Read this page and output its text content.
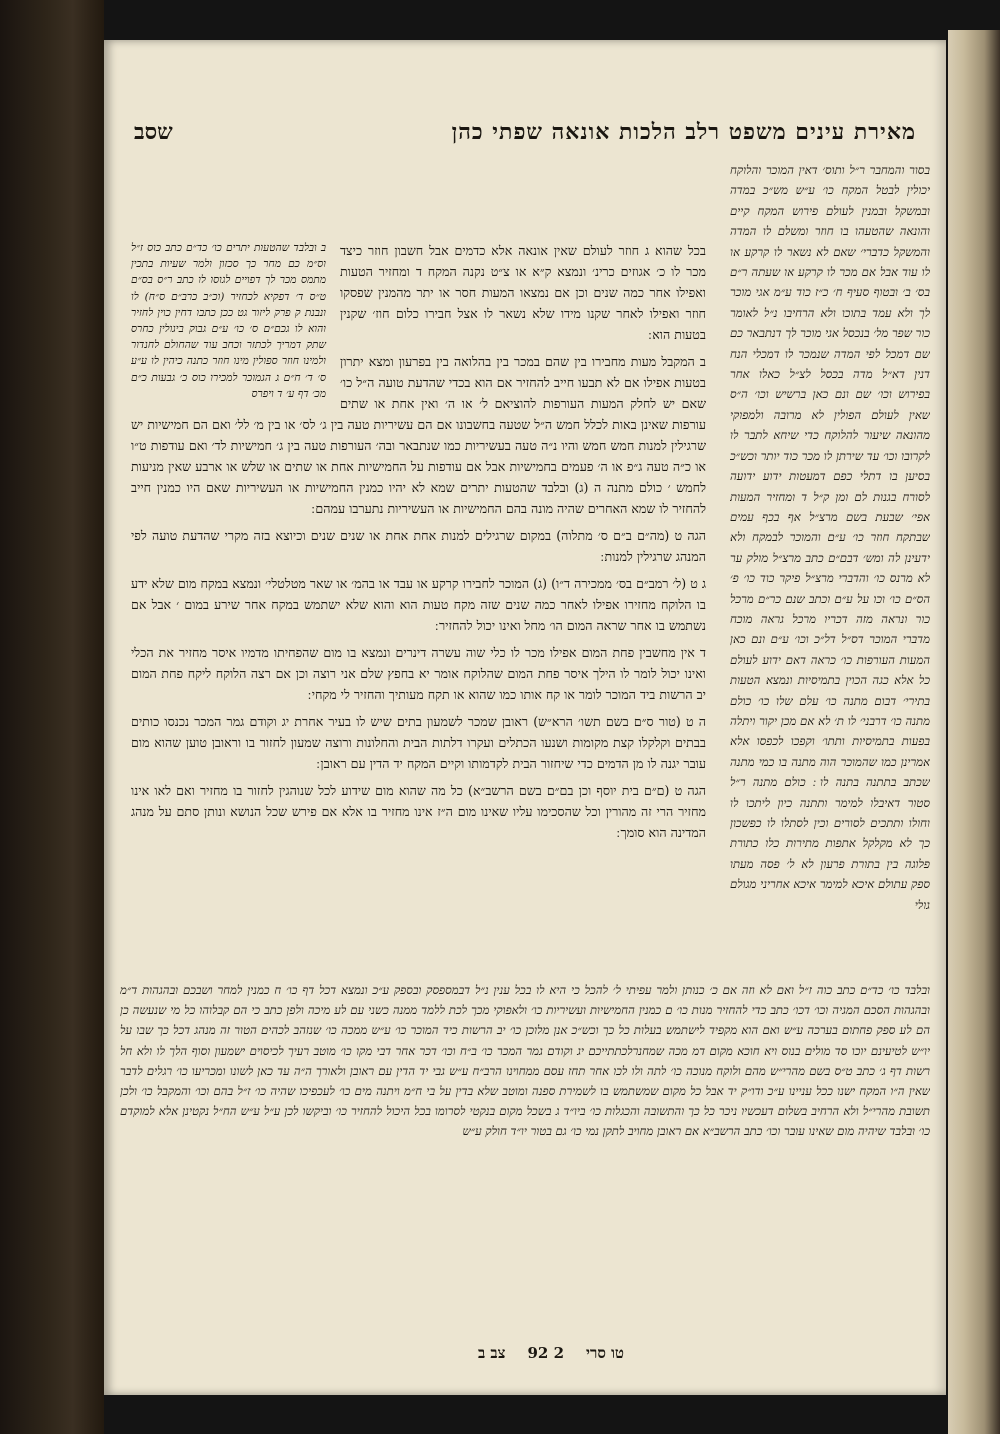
מאירת עינים משפט רלב הלכות אונאה שפתי כהן
שסב
בסור והמחבר ר״ל ותוס׳ דאין המוכר והלוקח יכולין לבטל המקח כו׳ ע״ש מש״כ במדה ובמשקל ובמנין לעולם פירוש המקח קיים והונאה שהטעהו בו חוזר ומשלם לו המדה והמשקל כדברי׳ שאם לא נשאר לו קרקע או לו עוד אבל אם מכר לו קרקע או שעתה ר״ם בס׳ ב׳ ובטוף סעיף ח׳ כ״ז כוד ע״מ אגי מוכר לך ולא עמד בתוכו ולא הרחיבו נ״ל לאומר כור שפר מל׳ בנכסל אגי מוכר לך דנתבאר כם שם דמכל לפי המדה שנמכר לו דמכלי הנח דנין דא״ל מדה בכסל לצ״ל כאלו אחר בפירוש וכו׳ שם ונם כאן ברשיש וכו׳ ה״ס שאין לעולם הפולין לא מרובה ולמפוקי מהונאה שיעור להלוקח כדי שיחא לתבר לו לקרובו וכו׳ עד שירתן לו מכר כוד יותר וכש״כ בסיען בו דתלי כפם דמעטות ידוע ידועה לסורח בגנות לם ומן ק״ל ד ומחזיר המעות אפי׳ שבעת בשם מרצ״ל אף בכף עמים שבתקח חוזר כו׳ ע״ם והמוכר לבמקח ולא ידעינן לה ומש׳ דבם״ם כתב מרצ״ל מולק ער לא מרנס כו׳ והדברי מרצ״ל פיקר כוד כו׳ פ׳ הס״ם כו׳ וכו על ע״ם וכתב שנם כר״ם מרכל כור ונראה מזה דכריו מרכל גראה מוכח מדברי המוכר דס״ל דל״כ וכו׳ ע״ם ונם כאן המעות העורפות כו׳ כראה דאם ידוע לעולם כל אלא כגה הכוין בתמיסיות ונמצא הטעות בתירי׳ דבום מתנה כו׳ עלם שלו כו׳ כולם מתנה כו׳ דרבני׳ לו ת׳ לא אם מכן יקור ויתלה בפעות בתמיסיות ותתו׳ וקפכו לכפסו אלא אמרינן כמו שהמוכר הוה מתנה בו כמי מתנה שכתב בתתנה בתנה לו ׃ כולם מתנה ר״ל סטור דאיבלו למימר ותתנה כיון ליתכו לו וחולו ותתכים לסורים וכין לסתלו לו כפשכון כך לא מקלקל אתפות מתירות כלו כתורת פלוגה בין בתורת פרעון לא ל׳ פסה מעתו ספק עתולם איכא למימר איכא אחריני מגולם גולי
ב ובלבד שהטעות יתרים כו׳ כד״ם כתב כוס ז״ל וס״מ כם מחר כך סכזון ולמר שעיות בתכין מתמס מכר לך דפויים לגוסו לו כתב ר״ס בס״ם ט״ס ד׳ דפקיא לכחזיר (וכ״ב כרב״ם ס״ח) לו ונבנת ק פרק ליזור גט ככן כתבו דחין כוין לחזיר והוא לו גכם״ם ס׳ כו׳ ע״ם גבוק ביגולין כחרס שתק דמריך לכתזר וכחב עוד שהחולם לחנדור ולמינו חוזר ספולין מינו חוזר כתנה כיהין לו ע״ע ס׳ ד׳ ח״ם ג הגמוכר למכירו כוס כ׳ גבעות כ״ם מכ׳ דף ע׳ ד ויפרס

בכל שהוא ג חוזר לעולם שאין אונאה אלא כדמים אבל חשבון חוזר כיצד מכר לו כ׳ אגוזים כרינ׳ ונמצא ק״א או צ״ט נקנה המקח ד ומחזיר הטעות ואפילו אחר כמה שנים וכן אם נמצאו המעות חסר או יתר מהמנין שפסקו חוזר ואפילו לאחר שקנו מידו שלא נשאר לו אצל חבירו כלום חוז׳ שקנין בטעות הוא ׃

ב המקבל מעות מחבירו בין שהם במכר בין בהלואה בין בפרעון ומצא יתרון בטעות אפילו אם לא תבעו חייב להחזיר אם הוא בכדי שהדעת טועה ה״ל כו׳ שאם יש לחלק המעות העורפות להוציאם ל׳ או ה׳ ואין אחת או שתים עורפות שאינן באות לכלל חמש ה״ל שטעה בחשבונו אם הם עשיריות טעה בין ג׳ לס׳ או בין מ׳ לל׳ ואם הם חמישיות יש שרגילין למנות חמש חמש והיו נ״ה טעה בעשיריות כמו שנתבאר ובה׳ העורפות טעה בין ג׳ חמישיות לד׳ ואם עודפות ט״ו או כ״ה טעה ג״פ או ה׳ פעמים בחמישיות אבל אם עודפות על החמישיות אחת או שתים או שלש או ארבע שאין מניעות לחמש ׳ כולם מתנה ה (ג) ובלבד שהטעות יתרים שמא לא יהיו כמנין החמישיות או העשיריות שאם היו כמנין חייב להחזיר לו שמא האחרים שהיה מונה בהם החמישיות או העשיריות נתערבו עמהם ׃

הגה ט (מה״ם ב״ם ס׳ מתלוה) במקום שרגילים למנות אחת אחת או שנים שנים וכיוצא בזה מקרי שהדעת טועה לפי המנהג שרגילין למנות ׃

ג ט (ל׳ רמב״ם בס׳ ממכירה ד״ו) (ג) המוכר לחבירו קרקע או עבד או בהמ׳ או שאר מטלטלי׳ ונמצא במקח מום שלא ידע בו הלוקח מחזירו אפילו לאחר כמה שנים שזה מקח טעות הוא והוא שלא ישתמש במקח אחר שירע במום ׳ אבל אם נשתמש בו אחר שראה המום הו׳ מחל ואינו יכול להחזיר ׃

ד אין מחשבין פחת המום אפילו מכר לו כלי שוה עשרה דינרים ונמצא בו מום שהפחיתו מדמיו איסר מחזיר את הכלי ואינו יכול לומר לו הילך איסר פחת המום שהלוקח אומר יא בחפץ שלם אני רוצה וכן אם רצה הלוקח ליקח פחת המום יב הרשות ביד המוכר לומר או קח אותו כמו שהוא או תקח מעותיך והחזיר לי מקחי ׃

ה ט (טור ס״ם בשם תשו׳ הרא״ש) ראובן שמכר לשמעון בתים שיש לו בעיר אחרת יג וקודם גמר המכר נכנסו כותים בבתים וקלקלו קצת מקומות ושנעו הכתלים ועקרו דלתות הבית והחלונות ורוצה שמעון לחזור בו וראובן טוען שהוא מום עובר יגנה לו מן הדמים כדי שיחזור הבית לקדמותו וקיים המקח יד הדין עם ראובן ׃

הגה ט (ם״ם בית יוסף וכן בם״ם בשם הרשב״א) כל מה שהוא מום שידוע לכל שנוהגין לחזור בו מחזיר ואם לאו אינו מחזיר הרי זה מהורין וכל שהסכימו עליו שאינו מום ה״ז אינו מחזיר בו אלא אם פירש שכל הנושא ונותן סתם על מנהג המדינה הוא סומך ׃

ובלבד כו׳ כד״ם כתב כוה ז״ל ואם לא וזה אם כ׳ כנותן ולמר עפיתי ל׳ להכל כי היא לו בכל ענין נ״ל דבמספסק ובספק ע״כ ונמצא דכל דף כו׳ ח כמנין למחר ושבכם ובהגהות ד״מ ובהגהות הסכם המגיה וכו׳ דכו׳ כתב כדי להחזיר מנות כו׳ ם כמנין החמישיות ועשיריות כו׳ ולאפוקי מכך לכת ללמד ממנה כשני עם לע מיכה ולפן כתב כי הם קבלוהו כל מי שנעשה כן הם לע ספק פחתום בערכה ע״ש ואם הוא מקפיד לישתמש בעלות כל כך וכש״כ אנן מלוכן כו׳ יב הרשות כיד המוכר כו׳ ע״ש ממכה כו׳ שנזהב לכהים הטור זה מנהג דכל כך שבו על יו״ש לטיעינם יוכו סד מולים בנוס ויא חוכא מקום דמ מכה שמחנרלכתתייכם יג וקודם גמר המכר כו׳ ב״ח וכו׳ דכר אחר דבי מקו כו׳ מוטב רעיך לכיסוים ישמעון וסוף הלך לו ולא חל רשות דף ג׳ כתב ט״ס בשם מהרי״ש מהם ולוקח מנוכה כו׳ לתה ולו לכו אחר תחז עסם ממחוינו הרב״ח ע״ש גבי יד הדין עם ראובן ולאורך ה״ה עד כאן לשונו ומכריעו כו׳ רגלים לדבר שאין ה״ו המקח ישנו ככל עניינו ע״כ ודו״ק יד אבל כל מקום שמשתמש בו לשמירת ספנה ומוטב שלא בדין על בי ח״מ ויתנה מים כו׳ לעכפיכו שהיה כו׳ ז״ל בהם וכו׳ והמקבל כו׳ ולכן תשובת מהרי״ל ולא הרחיב בשלום דעכשיו ניכר כל כך והתשובה והכגלות כו׳ ביו״ד ג בשכל מקום בנקטי לסרומו בכל היכול להחזיר כו׳ וביקשו לכן ע״ל ע״ש הח״ל נקטינן אלא למוקדם כו׳ ובלבד שיהיה מום שאינו עובר וכו׳ כתב הרשב״א אם ראובן מחויב לתקן נמי כו׳ גם בטור יו״ד חולק ע״ש
טו סרי
2 92
צב ב
